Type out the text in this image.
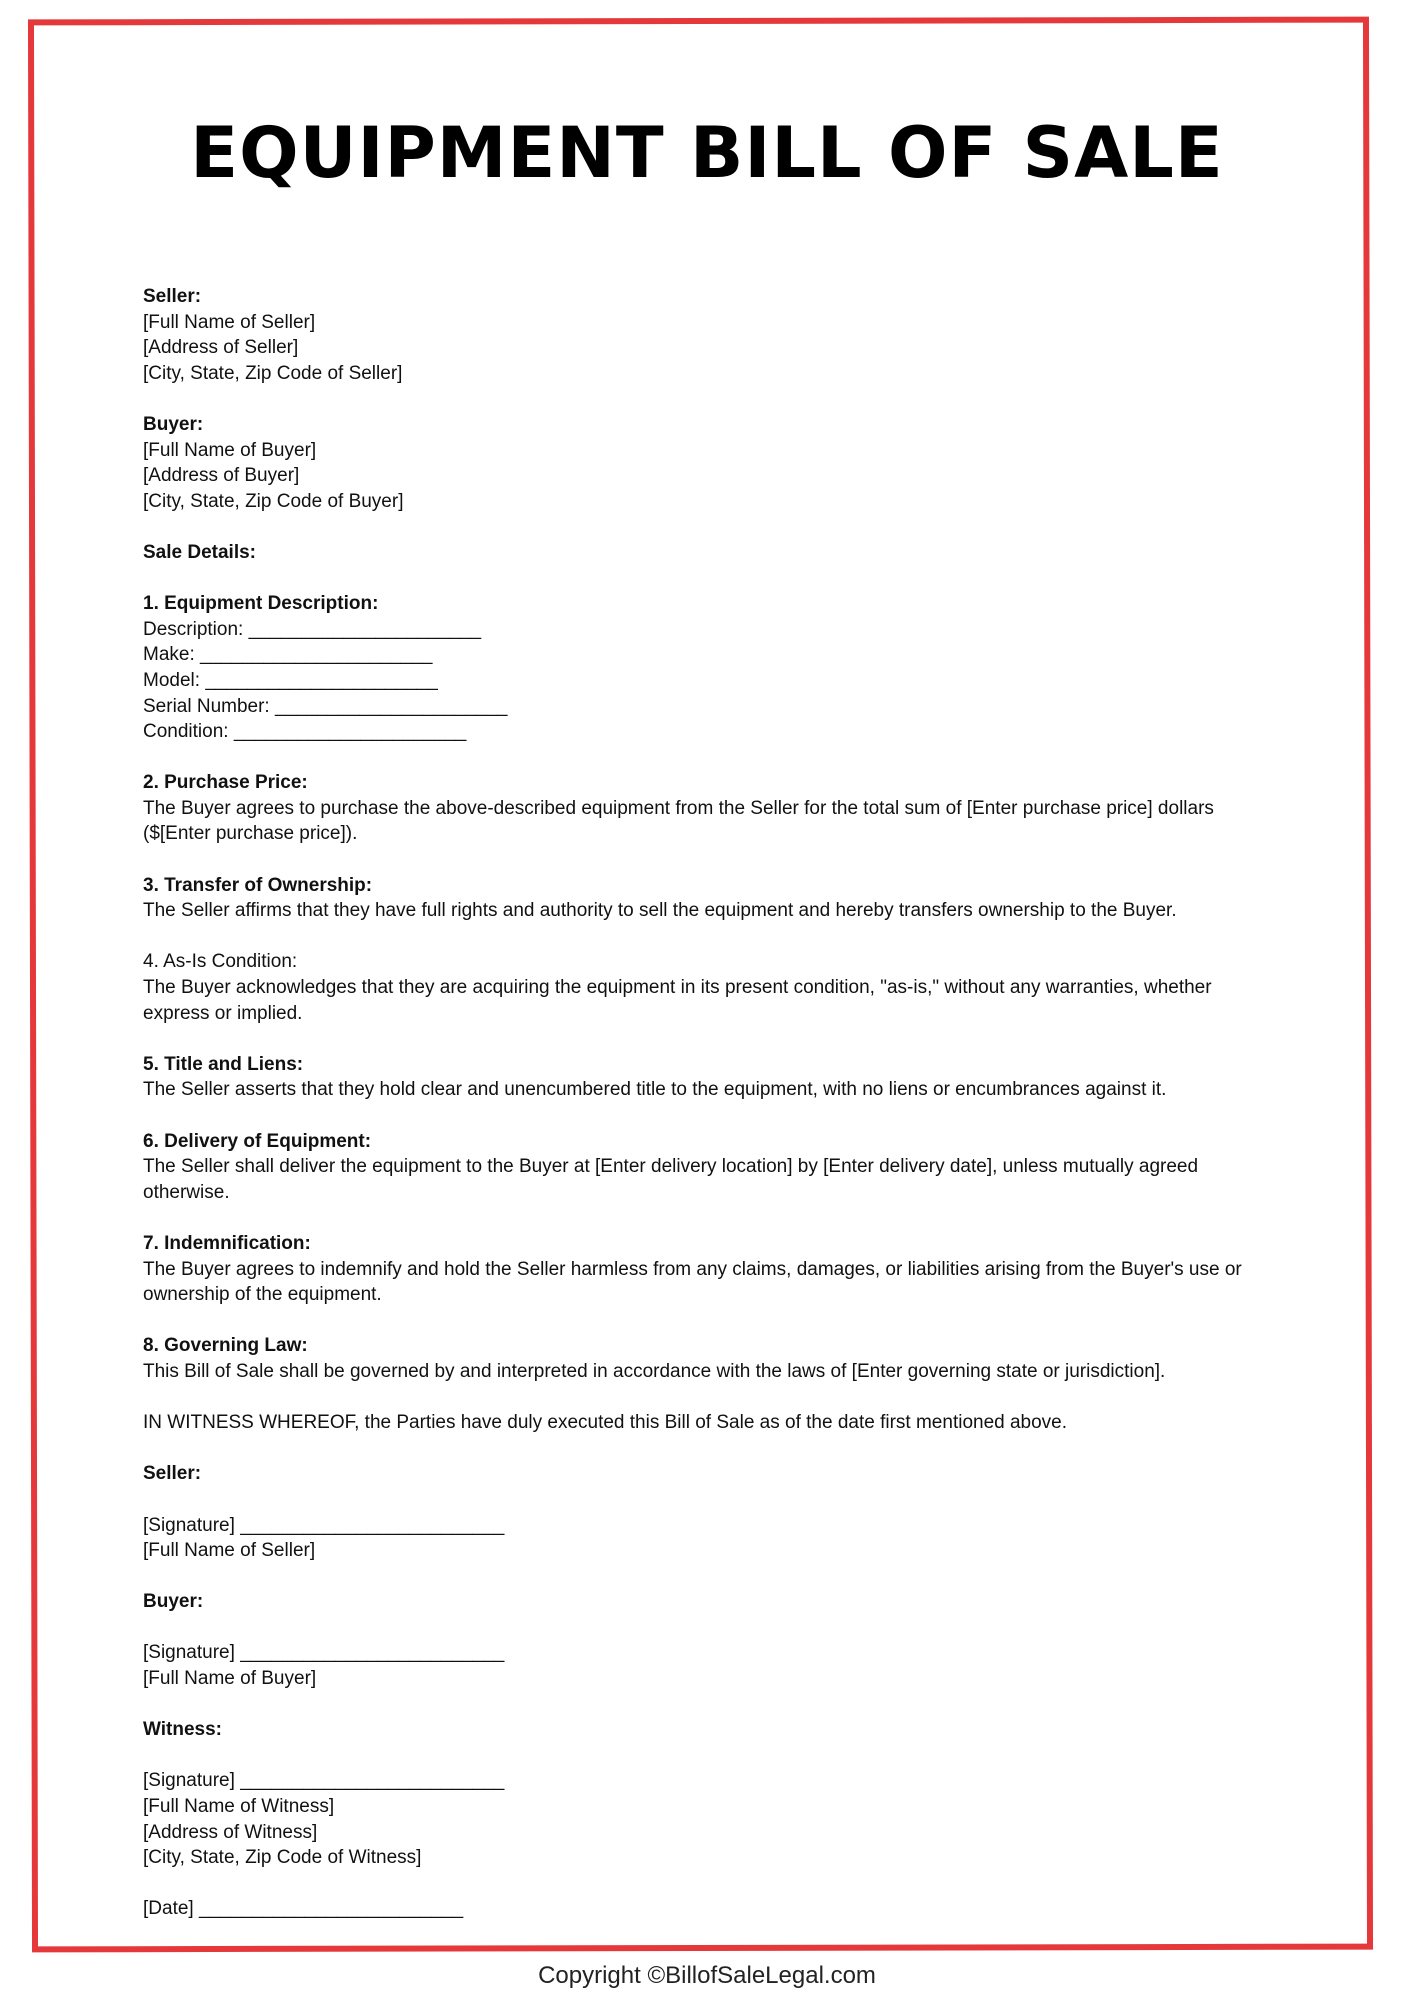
EQUIPMENT BILL OF SALE

Seller:

[Full Name of Seller]

[Address of Seller]

[City, State, Zip Code of Seller]

Buyer:

[Full Name of Buyer]

[Address of Buyer]

[City, State, Zip Code of Buyer]

Sale Details:

1. Equipment Description:

Description: ______________________

Make: ______________________

Model: ______________________

Serial Number: ______________________

Condition: ______________________

2. Purchase Price:

The Buyer agrees to purchase the above-described equipment from the Seller for the total sum of [Enter purchase price] dollars ($[Enter purchase price]).

3. Transfer of Ownership:

The Seller affirms that they have full rights and authority to sell the equipment and hereby transfers ownership to the Buyer.

4. As-Is Condition:

The Buyer acknowledges that they are acquiring the equipment in its present condition, "as-is," without any warranties, whether express or implied.

5. Title and Liens:

The Seller asserts that they hold clear and unencumbered title to the equipment, with no liens or encumbrances against it.

6. Delivery of Equipment:

The Seller shall deliver the equipment to the Buyer at [Enter delivery location] by [Enter delivery date], unless mutually agreed otherwise.

7. Indemnification:

The Buyer agrees to indemnify and hold the Seller harmless from any claims, damages, or liabilities arising from the Buyer's use or ownership of the equipment.

8. Governing Law:

This Bill of Sale shall be governed by and interpreted in accordance with the laws of [Enter governing state or jurisdiction].

IN WITNESS WHEREOF, the Parties have duly executed this Bill of Sale as of the date first mentioned above.

Seller:

[Signature] _________________________

[Full Name of Seller]

Buyer:

[Signature] _________________________

[Full Name of Buyer]

Witness:

[Signature] _________________________

[Full Name of Witness]

[Address of Witness]

[City, State, Zip Code of Witness]

[Date] _________________________

Copyright ©BillofSaleLegal.com
